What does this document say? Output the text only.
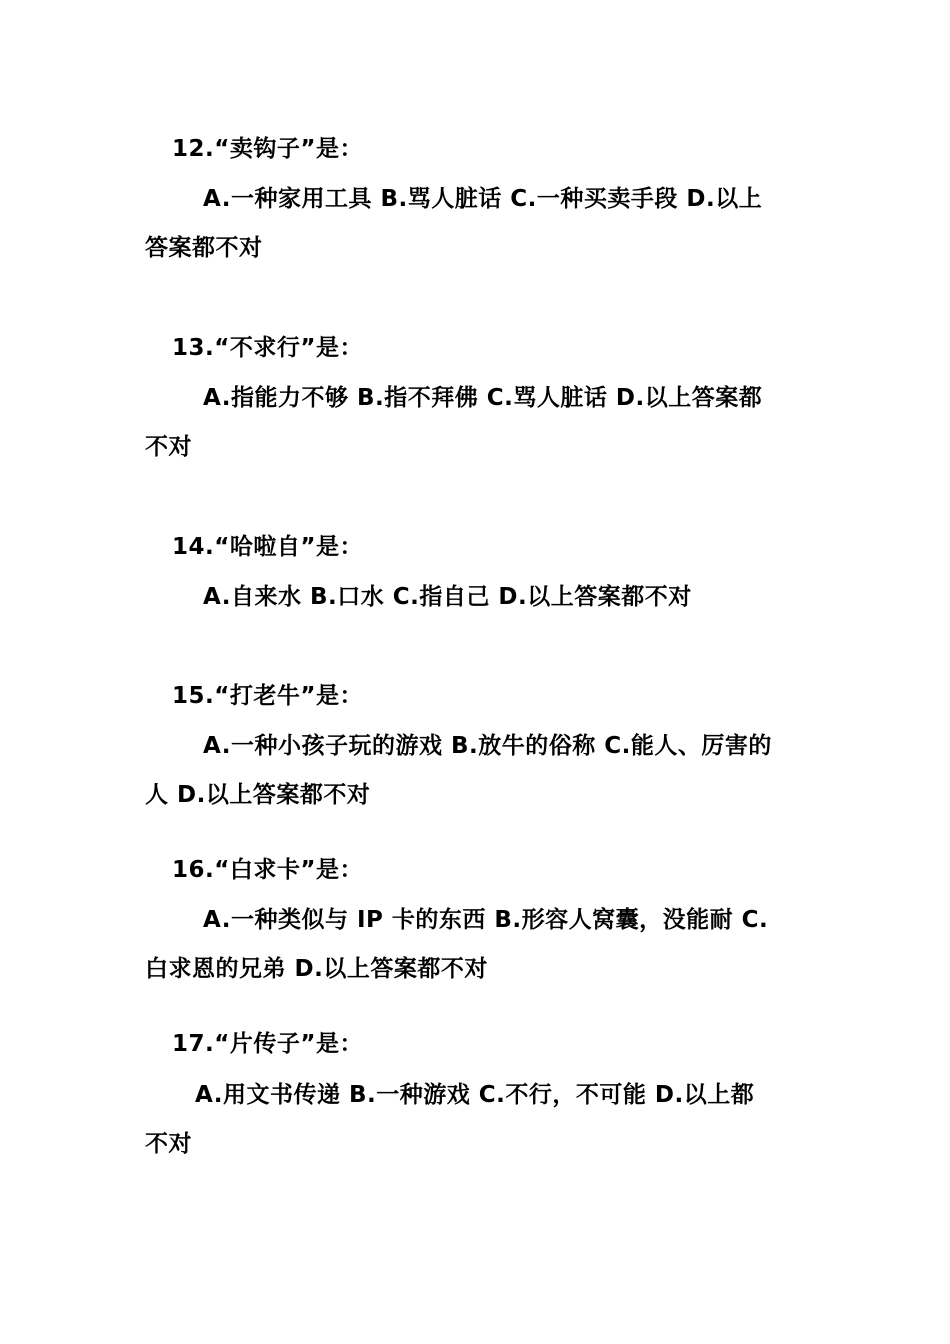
12.“卖钩子”是：
A.一种家用工具 B.骂人脏话 C.一种买卖手段 D.以上
答案都不对
13.“不求行”是：
A.指能力不够 B.指不拜佛 C.骂人脏话 D.以上答案都
不对
14.“哈啦自”是：
A.自来水 B.口水 C.指自己 D.以上答案都不对
15.“打老牛”是：
A.一种小孩子玩的游戏 B.放牛的俗称 C.能人、厉害的
人 D.以上答案都不对
16.“白求卡”是：
A.一种类似与 IP 卡的东西 B.形容人窝囊，没能耐 C.
白求恩的兄弟 D.以上答案都不对
17.“片传子”是：
A.用文书传递 B.一种游戏 C.不行，不可能 D.以上都
不对
